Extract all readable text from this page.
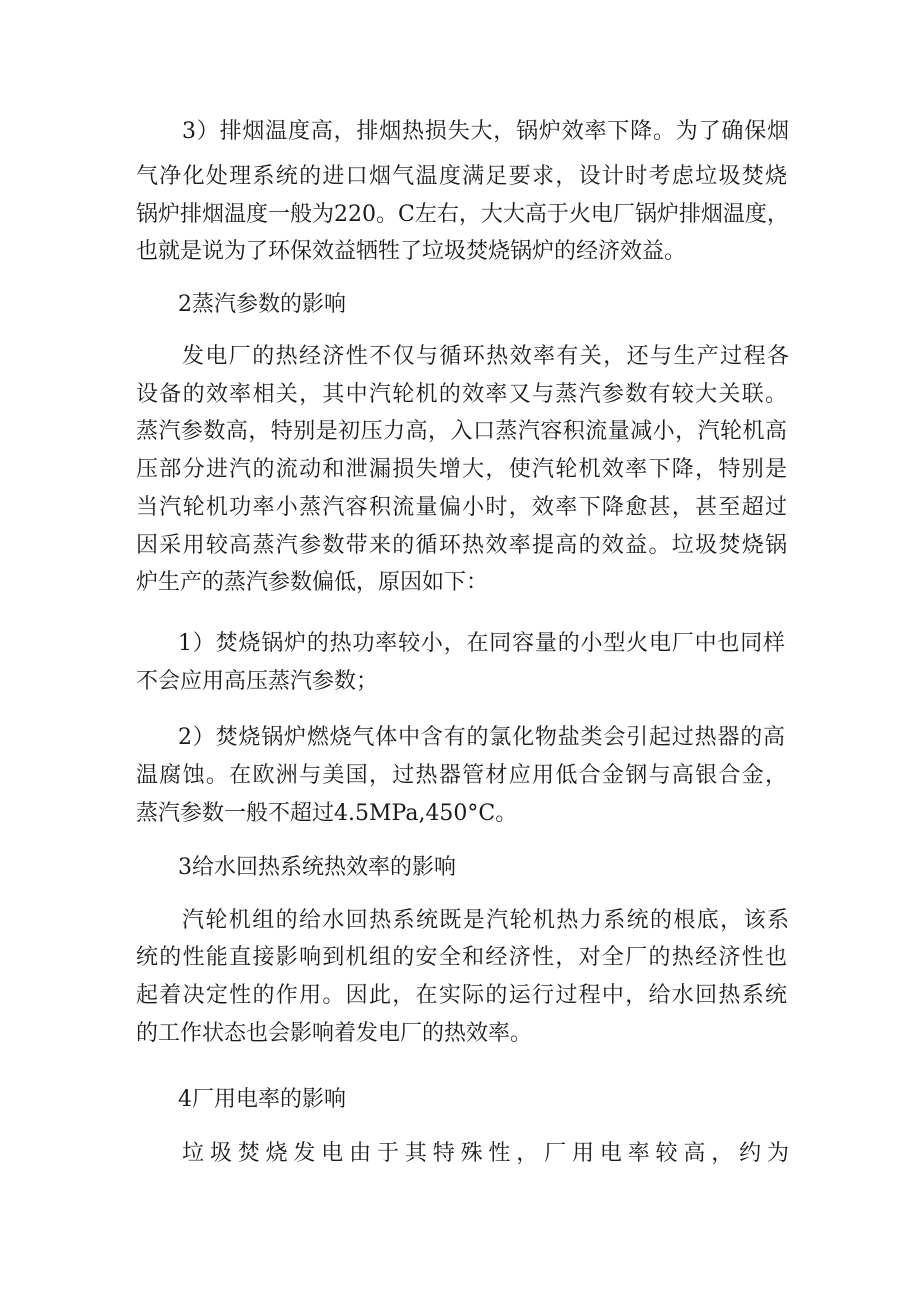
3）排烟温度高，排烟热损失大，锅炉效率下降。为了确保烟
气净化处理系统的进口烟气温度满足要求，设计时考虑垃圾焚烧
锅炉排烟温度一般为220。C左右，大大高于火电厂锅炉排烟温度，
也就是说为了环保效益牺牲了垃圾焚烧锅炉的经济效益。
2蒸汽参数的影响
发电厂的热经济性不仅与循环热效率有关，还与生产过程各
设备的效率相关，其中汽轮机的效率又与蒸汽参数有较大关联。
蒸汽参数高，特别是初压力高，入口蒸汽容积流量减小，汽轮机高
压部分进汽的流动和泄漏损失增大，使汽轮机效率下降，特别是
当汽轮机功率小蒸汽容积流量偏小时，效率下降愈甚，甚至超过
因采用较高蒸汽参数带来的循环热效率提高的效益。垃圾焚烧锅
炉生产的蒸汽参数偏低，原因如下：
1）焚烧锅炉的热功率较小，在同容量的小型火电厂中也同样
不会应用高压蒸汽参数；
2）焚烧锅炉燃烧气体中含有的氯化物盐类会引起过热器的高
温腐蚀。在欧洲与美国，过热器管材应用低合金钢与高银合金，
蒸汽参数一般不超过4.5MPa,450°C。
3给水回热系统热效率的影响
汽轮机组的给水回热系统既是汽轮机热力系统的根底，该系
统的性能直接影响到机组的安全和经济性，对全厂的热经济性也
起着决定性的作用。因此，在实际的运行过程中，给水回热系统
的工作状态也会影响着发电厂的热效率。
4厂用电率的影响
垃圾焚烧发电由于其特殊性，厂用电率较高，约为
